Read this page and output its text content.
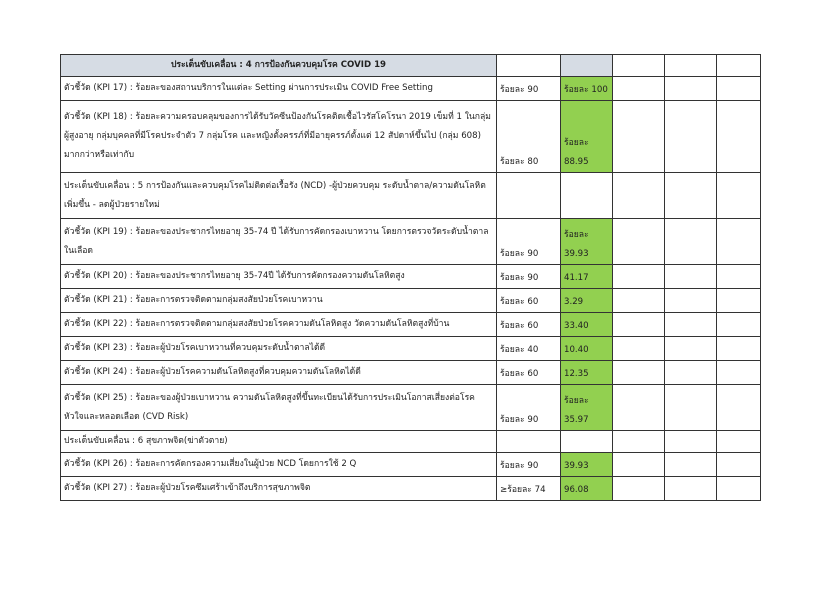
ประเด็นขับเคลื่อน : 4 การป้องกันควบคุมโรค COVID 19					
ตัวชี้วัด (KPI 17) : ร้อยละของสถานบริการในแต่ละ Setting ผ่านการประเมิน COVID Free Setting	ร้อยละ 90	ร้อยละ 100			

ตัวชี้วัด (KPI 18) : ร้อยละความครอบคลุมของการได้รับวัคซีนป้องกันโรคติดเชื้อไวรัสโคโรนา 2019 เข็มที่ 1 ในกลุ่มผู้สูงอายุ กลุ่มบุคคลที่มีโรคประจำตัว 7 กลุ่มโรค และหญิงตั้งครรภ์ที่มีอายุครรภ์ตั้งแต่ 12 สัปดาห์ขึ้นไป (กลุ่ม 608) มากกว่าหรือเท่ากับ	ร้อยละ 80	ร้อยละ
88.95			

ประเด็นขับเคลื่อน : 5 การป้องกันและควบคุมโรคไม่ติดต่อเรื้อรัง (NCD) -ผู้ป่วยควบคุม ระดับน้ำตาล/ความดันโลหิต เพิ่มขึ้น - ลดผู้ป่วยรายใหม่					
ตัวชี้วัด (KPI 19) : ร้อยละของประชากรไทยอายุ 35-74 ปี ได้รับการคัดกรองเบาหวาน โดยการตรวจวัดระดับน้ำตาลในเลือด	ร้อยละ 90	ร้อยละ
39.93			

ตัวชี้วัด (KPI 20) : ร้อยละของประชากรไทยอายุ 35-74ปี ได้รับการคัดกรองความดันโลหิตสูง	ร้อยละ 90	41.17			

ตัวชี้วัด (KPI 21) : ร้อยละการตรวจติดตามกลุ่มสงสัยป่วยโรคเบาหวาน	ร้อยละ 60	3.29			

ตัวชี้วัด (KPI 22) : ร้อยละการตรวจติดตามกลุ่มสงสัยป่วยโรคความดันโลหิตสูง วัดความดันโลหิตสูงที่บ้าน	ร้อยละ 60	33.40			

ตัวชี้วัด (KPI 23) : ร้อยละผู้ป่วยโรคเบาหวานที่ควบคุมระดับน้ำตาลได้ดี	ร้อยละ 40	10.40			

ตัวชี้วัด (KPI 24) : ร้อยละผู้ป่วยโรคความดันโลหิตสูงที่ควบคุมความดันโลหิตได้ดี	ร้อยละ 60	12.35			

ตัวชี้วัด (KPI 25) : ร้อยละของผู้ป่วยเบาหวาน ความดันโลหิตสูงที่ขึ้นทะเบียนได้รับการประเมินโอกาสเสี่ยงต่อโรคหัวใจและหลอดเลือด (CVD Risk)	ร้อยละ 90	ร้อยละ
35.97			

ประเด็นขับเคลื่อน : 6 สุขภาพจิต(ฆ่าตัวตาย)					
ตัวชี้วัด (KPI 26) : ร้อยละการคัดกรองความเสี่ยงในผู้ป่วย NCD โดยการใช้ 2 Q	ร้อยละ 90	39.93			

ตัวชี้วัด (KPI 27) : ร้อยละผู้ป่วยโรคซึมเศร้าเข้าถึงบริการสุขภาพจิต	≥ร้อยละ 74	96.08			
